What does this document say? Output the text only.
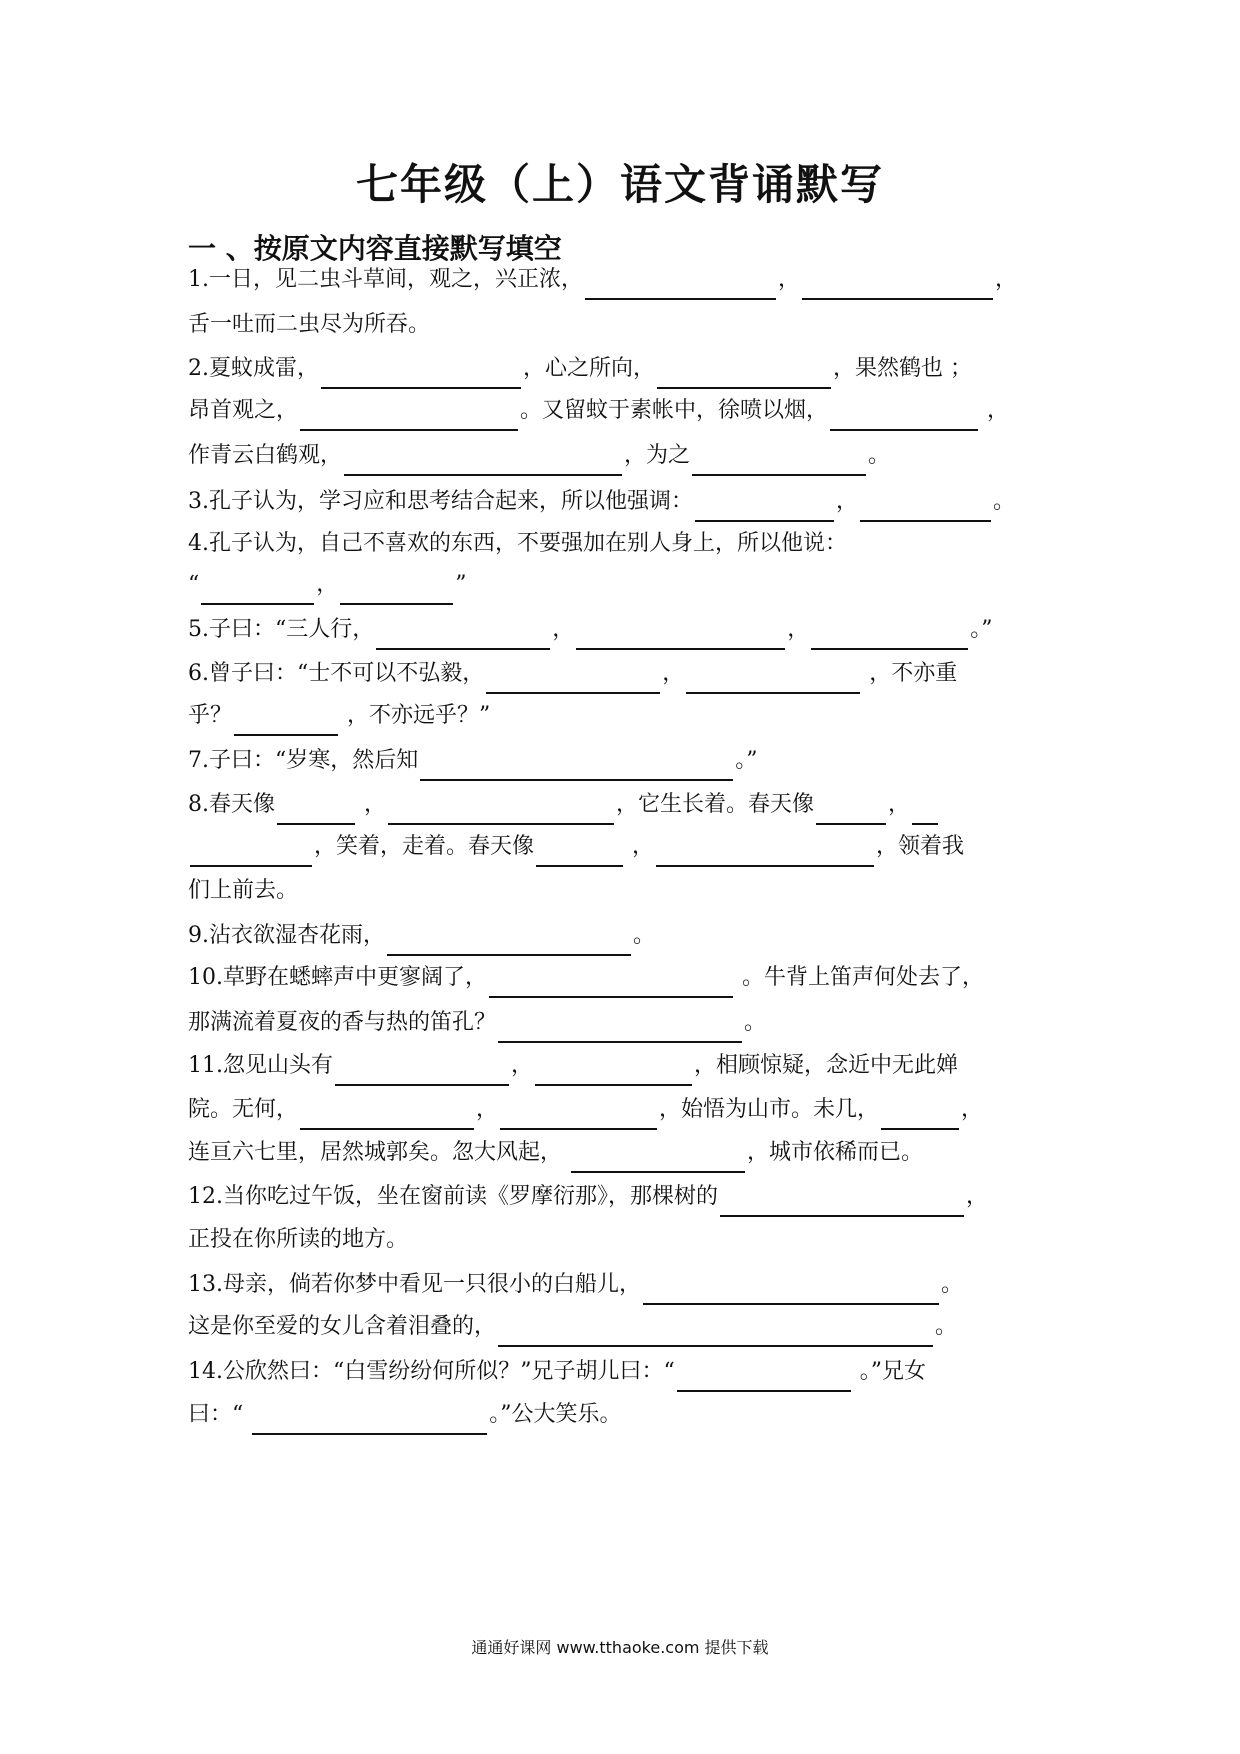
七年级（上）语文背诵默写
一 、按原文内容直接默写填空
1.一日，见二虫斗草间，观之，兴正浓，	，	，
舌一吐而二虫尽为所吞。
2.夏蚊成雷，	，心之所向，	，果然鹤也 ；
昂首观之，	。又留蚊于素帐中，徐喷以烟，	，
作青云白鹤观，	，为之	。
3.孔子认为，学习应和思考结合起来，所以他强调：	，	。
4.孔子认为，自己不喜欢的东西，不要强加在别人身上，所以他说：
“	，	”
5.子曰：“三人行，	，	，	。”
6.曾子曰：“士不可以不弘毅，	，	，不亦重
乎？	，不亦远乎？”
7.子曰：“岁寒，然后知	。”
8.春天像	，	，它生长着。春天像	，
，笑着，走着。春天像	，	，领着我
们上前去。
9.沾衣欲湿杏花雨，	。
10.草野在蟋蟀声中更寥阔了，	。牛背上笛声何处去了，
那满流着夏夜的香与热的笛孔？	。
11.忽见山头有	，	，相顾惊疑，念近中无此婵
院。无何，	，	，始悟为山市。未几，	，
连亘六七里，居然城郭矣。忽大风起，	，城市依稀而已。
12.当你吃过午饭，坐在窗前读《罗摩衍那》，那棵树的	，
正投在你所读的地方。
13.母亲，倘若你梦中看见一只很小的白船儿，	。
这是你至爱的女儿含着泪叠的，	。
14.公欣然曰：“白雪纷纷何所似？”兄子胡儿曰：“	。”兄女
曰：“	。”公大笑乐。
通通好课网 www.tthaoke.com 提供下载
